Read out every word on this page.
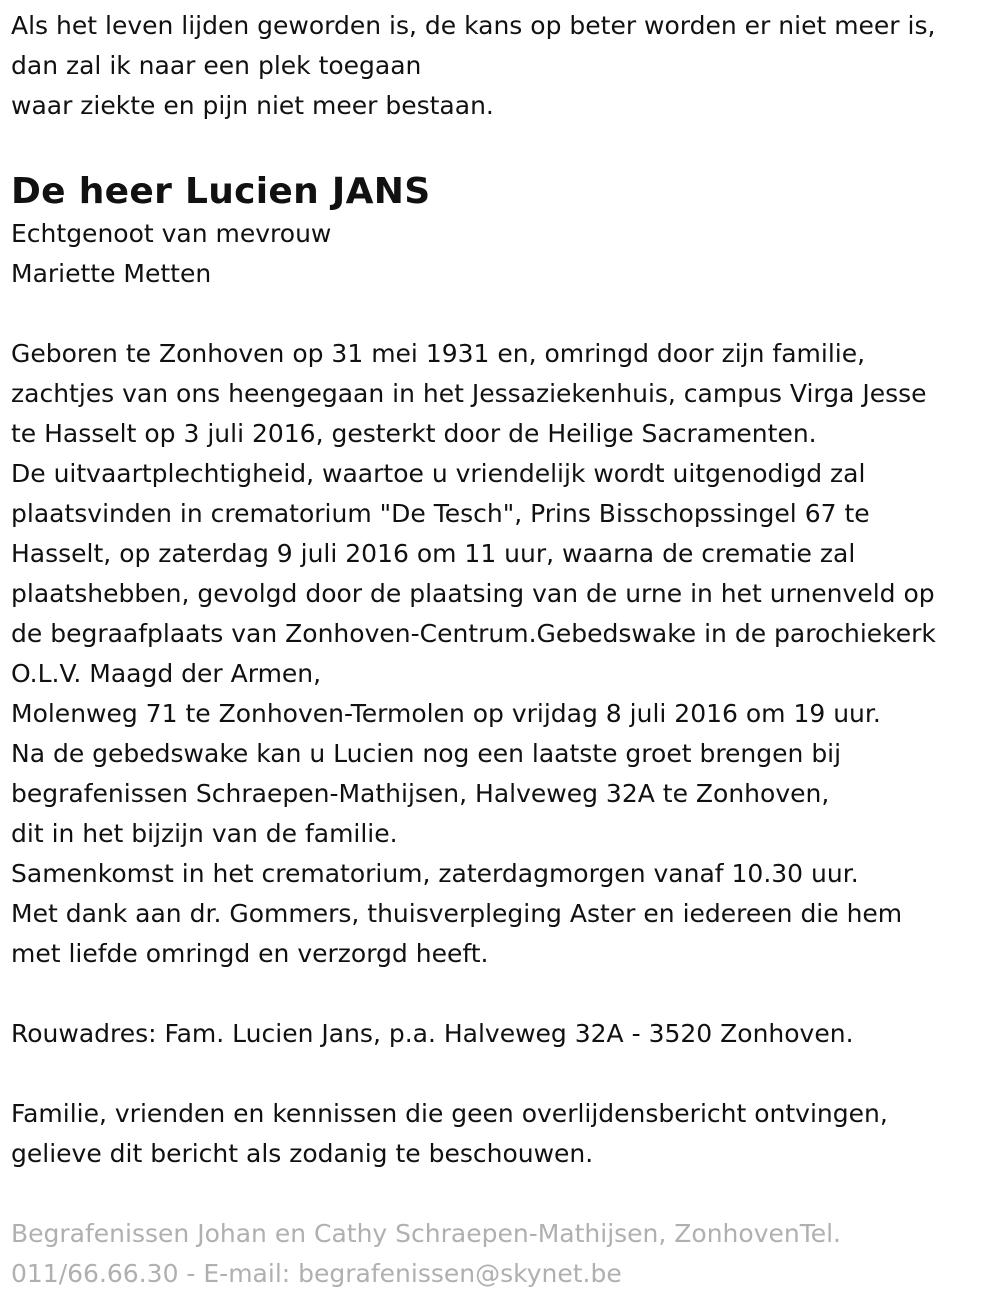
Als het leven lijden geworden is, de kans op beter worden er niet meer is,
dan zal ik naar een plek toegaan
waar ziekte en pijn niet meer bestaan.
De heer Lucien JANS
Echtgenoot van mevrouw
Mariette Metten
Geboren te Zonhoven op 31 mei 1931 en, omringd door zijn familie,
zachtjes van ons heengegaan in het Jessaziekenhuis, campus Virga Jesse
te Hasselt op 3 juli 2016, gesterkt door de Heilige Sacramenten.
De uitvaartplechtigheid, waartoe u vriendelijk wordt uitgenodigd zal
plaatsvinden in crematorium "De Tesch", Prins Bisschopssingel 67 te
Hasselt, op zaterdag 9 juli 2016 om 11 uur, waarna de crematie zal
plaatshebben, gevolgd door de plaatsing van de urne in het urnenveld op
de begraafplaats van Zonhoven-Centrum.Gebedswake in de parochiekerk
O.L.V. Maagd der Armen,
Molenweg 71 te Zonhoven-Termolen op vrijdag 8 juli 2016 om 19 uur.
Na de gebedswake kan u Lucien nog een laatste groet brengen bij
begrafenissen Schraepen-Mathijsen, Halveweg 32A te Zonhoven,
dit in het bijzijn van de familie.
Samenkomst in het crematorium, zaterdagmorgen vanaf 10.30 uur.
Met dank aan dr. Gommers, thuisverpleging Aster en iedereen die hem
met liefde omringd en verzorgd heeft.
Rouwadres: Fam. Lucien Jans, p.a. Halveweg 32A - 3520 Zonhoven.
Familie, vrienden en kennissen die geen overlijdensbericht ontvingen,
gelieve dit bericht als zodanig te beschouwen.
Begrafenissen Johan en Cathy Schraepen-Mathijsen, ZonhovenTel.
011/66.66.30 - E-mail: begrafenissen@skynet.be
